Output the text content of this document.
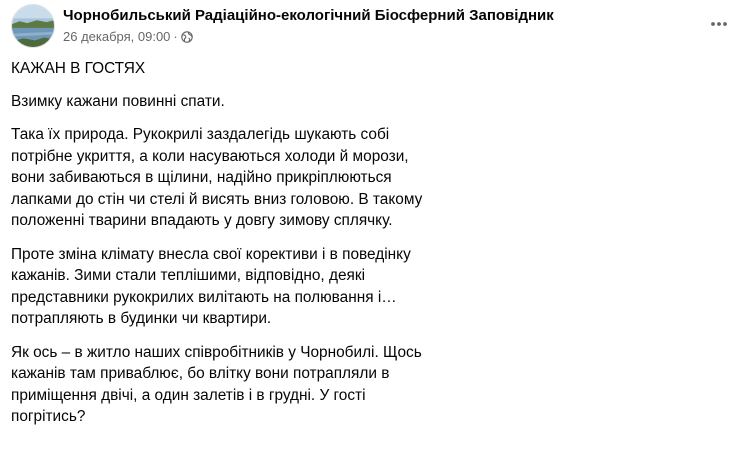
Чорнобильський Радіаційно-екологічний Біосферний Заповідник
26 декабря, 09:00 ·

КАЖАН В ГОСТЯХ

Взимку кажани повинні спати.

Така їх природа. Рукокрилі заздалегідь шукають собі потрібне укриття, а коли насуваються холоди й морози, вони забиваються в щілини, надійно прикріплюються лапками до стін чи стелі й висять вниз головою. В такому положенні тварини впадають у довгу зимову сплячку.

Проте зміна клімату внесла свої корективи і в поведінку кажанів. Зими стали теплішими, відповідно, деякі представники рукокрилих вилітають на полювання і… потрапляють в будинки чи квартири.

Як ось – в житло наших співробітників у Чорнобилі. Щось кажанів там приваблює, бо влітку вони потрапляли в приміщення двічі, а один залетів і в грудні. У гості погрітись?
